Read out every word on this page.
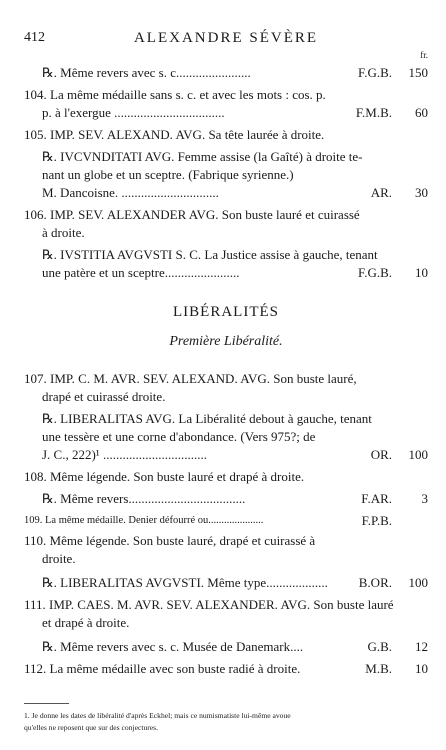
412	ALEXANDRE SÉVÈRE
fr.
℞. Même revers avec s. c.......................	F.G.B. 150
104. La même médaille sans s. c. et avec les mots : cos. p.
p. à l'exergue ..................................	F.M.B. 60
105. IMP. SEV. ALEXAND. AVG. Sa tête laurée à droite.
℞. IVCVNDITATI AVG. Femme assise (la Gaîté) à droite te-
nant un globe et un sceptre. (Fabrique syrienne.)
M. Dancoisne. ..............................	AR. 30
106. IMP. SEV. ALEXANDER AVG. Son buste lauré et cuirassé
à droite.
℞. IVSTITIA AVGVSTI S. C. La Justice assise à gauche, tenant
une patère et un sceptre.......................	F.G.B. 10
LIBÉRALITÉS
Première Libéralité.
107. IMP. C. M. AVR. SEV. ALEXAND. AVG. Son buste lauré,
drapé et cuirassé droite.
℞. LIBERALITAS AVG. La Libéralité debout à gauche, tenant
une tessère et une corne d'abondance. (Vers 975?; de
J. C., 222)¹ ................................	OR. 100
108. Même légende. Son buste lauré et drapé à droite.
℞. Même revers....................................	F.AR. 3
109. La même médaille. Denier défourré ou.....................	F.P.B.
110. Même légende. Son buste lauré, drapé et cuirassé à
droite.
℞. LIBERALITAS AVGVSTI. Même type...................	B.OR. 100
111. IMP. CAES. M. AVR. SEV. ALEXANDER. AVG. Son buste lauré
et drapé à droite.
℞. Même revers avec s. c. Musée de Danemark....	G.B. 12
112. La même médaille avec son buste radié à droite.	M.B. 10
1. Je donne les dates de libéralité d'après Eckhel; mais ce numismatiste lui-même avoue
qu'elles ne reposent que sur des conjectures.
